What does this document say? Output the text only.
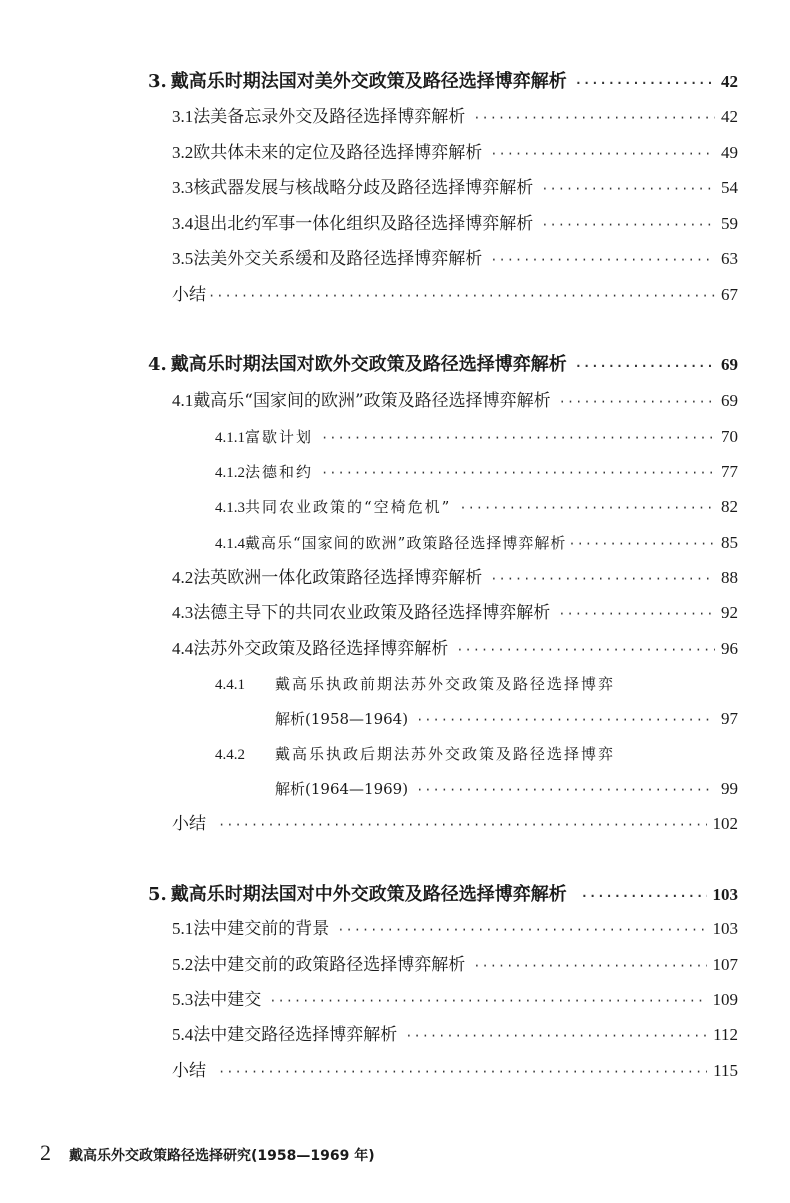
3. 戴高乐时期法国对美外交政策及路径选择博弈解析 ·····	42
3.1 法美备忘录外交及路径选择博弈解析 ·····	42
3.2 欧共体未来的定位及路径选择博弈解析 ·····	49
3.3 核武器发展与核战略分歧及路径选择博弈解析 ·····	54
3.4 退出北约军事一体化组织及路径选择博弈解析 ·····	59
3.5 法美外交关系缓和及路径选择博弈解析 ·····	63
小结 ·····	67
4. 戴高乐时期法国对欧外交政策及路径选择博弈解析 ·····	69
4.1 戴高乐“国家间的欧洲”政策及路径选择博弈解析 ·····	69
4.1.1 富歇计划 ·····	70
4.1.2 法德和约 ·····	77
4.1.3 共同农业政策的“空椅危机” ·····	82
4.1.4 戴高乐“国家间的欧洲”政策路径选择博弈解析 ·····	85
4.2 法英欧洲一体化政策路径选择博弈解析 ·····	88
4.3 法德主导下的共同农业政策及路径选择博弈解析 ·····	92
4.4 法苏外交政策及路径选择博弈解析 ·····	96
4.4.1	戴高乐执政前期法苏外交政策及路径选择博弈
解析(1958—1964) ·····	97
4.4.2	戴高乐执政后期法苏外交政策及路径选择博弈
解析(1964—1969) ·····	99
小结 ·····	102
5. 戴高乐时期法国对中外交政策及路径选择博弈解析 ·····	103
5.1 法中建交前的背景 ·····	103
5.2 法中建交前的政策路径选择博弈解析 ·····	107
5.3 法中建交 ·····	109
5.4 法中建交路径选择博弈解析 ·····	112
小结 ·····	115
2 戴高乐外交政策路径选择研究(1958—1969 年)
